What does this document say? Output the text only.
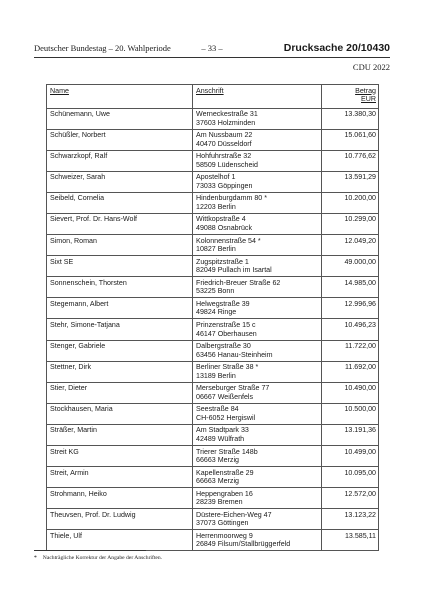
Deutscher Bundestag – 20. Wahlperiode	– 33 –	Drucksache 20/10430
CDU 2022
Name	Anschrift	Betrag
EUR
Schünemann, Uwe	Werneckestraße 31
37603 Holzminden	13.380,30
Schüßler, Norbert	Am Nussbaum 22
40470 Düsseldorf	15.061,60
Schwarzkopf, Ralf	Hohfuhrstraße 32
58509 Lüdenscheid	10.776,62
Schweizer, Sarah	Apostelhof 1
73033 Göppingen	13.591,29
Seibeld, Cornelia	Hindenburgdamm 80 *
12203 Berlin	10.200,00
Sievert, Prof. Dr. Hans-Wolf	Wittkopstraße 4
49088 Osnabrück	10.299,00
Simon, Roman	Kolonnenstraße 54 *
10827 Berlin	12.049,20
Sixt SE	Zugspitzstraße 1
82049 Pullach im Isartal	49.000,00
Sonnenschein, Thorsten	Friedrich-Breuer Straße 62
53225 Bonn	14.985,00
Stegemann, Albert	Helwegstraße 39
49824 Ringe	12.996,96
Stehr, Simone-Tatjana	Prinzenstraße 15 c
46147 Oberhausen	10.496,23
Stenger, Gabriele	Dalbergstraße 30
63456 Hanau-Steinheim	11.722,00
Stettner, Dirk	Berliner Straße 38 *
13189 Berlin	11.692,00
Stier, Dieter	Merseburger Straße 77
06667 Weißenfels	10.490,00
Stockhausen, Maria	Seestraße 84
CH-6052 Hergiswil	10.500,00
Sträßer, Martin	Am Stadtpark 33
42489 Wülfrath	13.191,36
Streit KG	Trierer Straße 148b
66663 Merzig	10.499,00
Streit, Armin	Kapellenstraße 29
66663 Merzig	10.095,00
Strohmann, Heiko	Heppengraben 16
28239 Bremen	12.572,00
Theuvsen, Prof. Dr. Ludwig	Düstere-Eichen-Weg 47
37073 Göttingen	13.123,22
Thiele, Ulf	Herrenmoorweg 9
26849 Filsum/Stallbrüggerfeld	13.585,11
* Nachträgliche Korrektur der Angabe der Anschriften.
